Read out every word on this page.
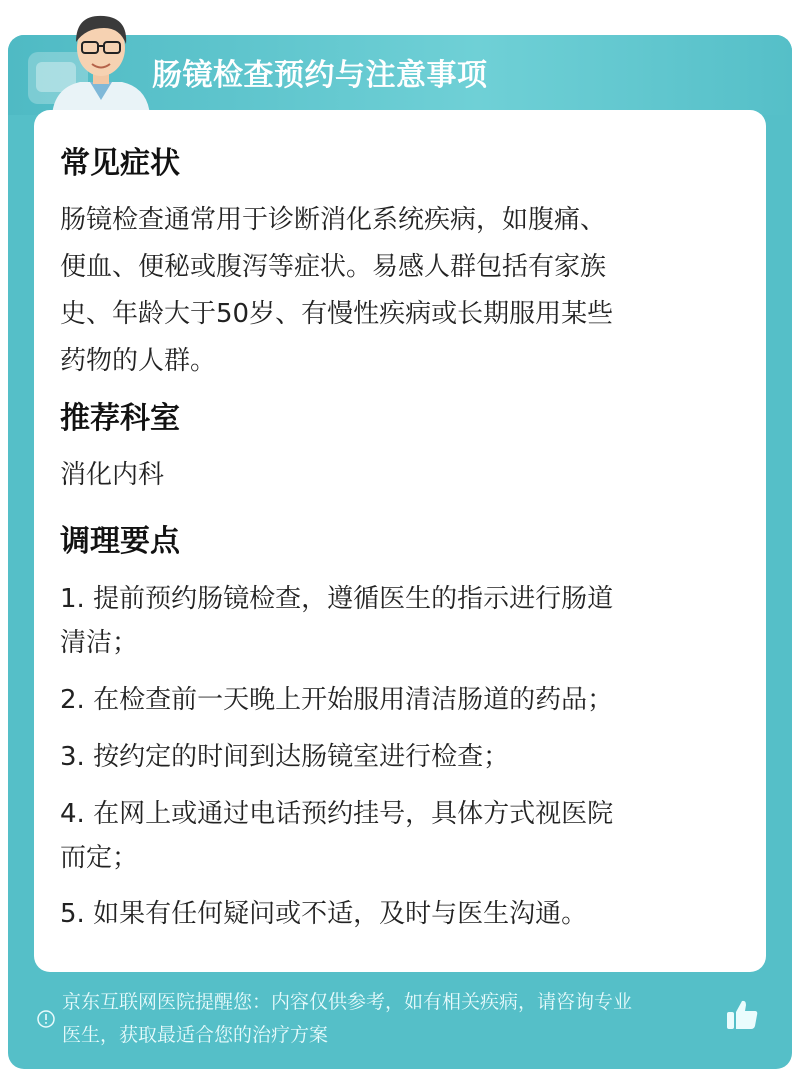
肠镜检查预约与注意事项
常见症状
肠镜检查通常用于诊断消化系统疾病，如腹痛、
便血、便秘或腹泻等症状。易感人群包括有家族
史、年龄大于50岁、有慢性疾病或长期服用某些
药物的人群。
推荐科室
消化内科
调理要点
1. 提前预约肠镜检查，遵循医生的指示进行肠道
清洁；
2. 在检查前一天晚上开始服用清洁肠道的药品；
3. 按约定的时间到达肠镜室进行检查；
4. 在网上或通过电话预约挂号，具体方式视医院
而定；
5. 如果有任何疑问或不适，及时与医生沟通。
京东互联网医院提醒您：内容仅供参考，如有相关疾病，请咨询专业
医生，获取最适合您的治疗方案
